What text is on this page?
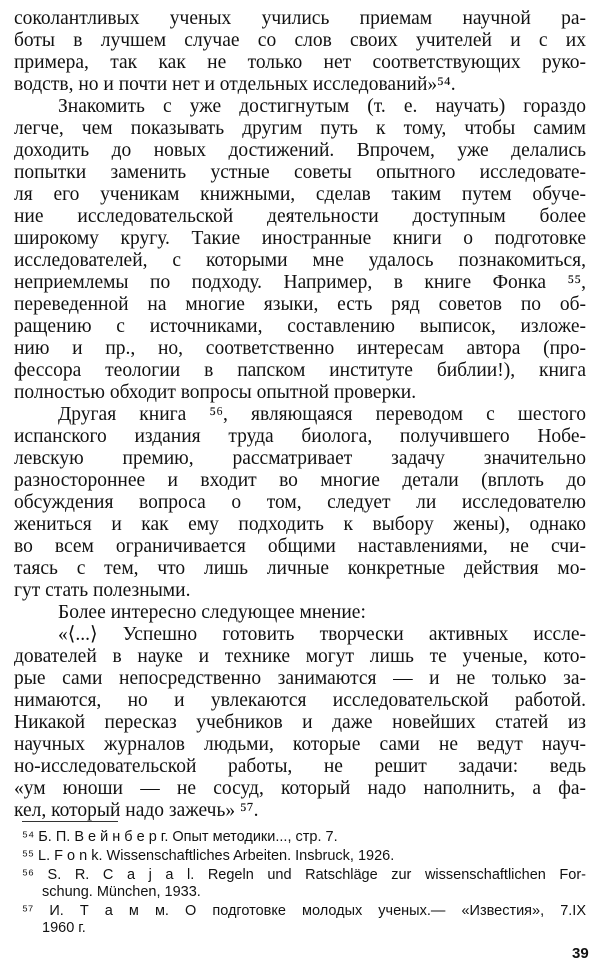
соколантливых ученых учились приемам научной ра-
боты в лучшем случае со слов своих учителей и с их
примера, так как не только нет соответствующих руко-
водств, но и почти нет и отдельных исследований»⁵⁴.
Знакомить с уже достигнутым (т. е. научать) гораздо
легче, чем показывать другим путь к тому, чтобы самим
доходить до новых достижений. Впрочем, уже делались
попытки заменить устные советы опытного исследовате-
ля его ученикам книжными, сделав таким путем обуче-
ние исследовательской деятельности доступным более
широкому кругу. Такие иностранные книги о подготовке
исследователей, с которыми мне удалось познакомиться,
неприемлемы по подходу. Например, в книге Фонка ⁵⁵,
переведенной на многие языки, есть ряд советов по об-
ращению с источниками, составлению выписок, изложе-
нию и пр., но, соответственно интересам автора (про-
фессора теологии в папском институте библии!), книга
полностью обходит вопросы опытной проверки.
Другая книга ⁵⁶, являющаяся переводом с шестого
испанского издания труда биолога, получившего Нобе-
левскую премию, рассматривает задачу значительно
разностороннее и входит во многие детали (вплоть до
обсуждения вопроса о том, следует ли исследователю
жениться и как ему подходить к выбору жены), однако
во всем ограничивается общими наставлениями, не счи-
таясь с тем, что лишь личные конкретные действия мо-
гут стать полезными.
Более интересно следующее мнение:
«⟨...⟩ Успешно готовить творчески активных иссле-
дователей в науке и технике могут лишь те ученые, кото-
рые сами непосредственно занимаются — и не только за-
нимаются, но и увлекаются исследовательской работой.
Никакой пересказ учебников и даже новейших статей из
научных журналов людьми, которые сами не ведут науч-
но-исследовательской работы, не решит задачи: ведь
«ум юноши — не сосуд, который надо наполнить, а фа-
кел, который надо зажечь» ⁵⁷.
⁵⁴ Б. П. В е й н б е р г. Опыт методики..., стр. 7.
⁵⁵ L. F o n k. Wissenschaftliches Arbeiten. Insbruck, 1926.
⁵⁶ S. R. C a j a l. Regeln und Ratschläge zur wissenschaftlichen For-
schung. München, 1933.
⁵⁷ И. Т а м м. О подготовке молодых ученых.— «Известия», 7.IX
1960 г.
39
